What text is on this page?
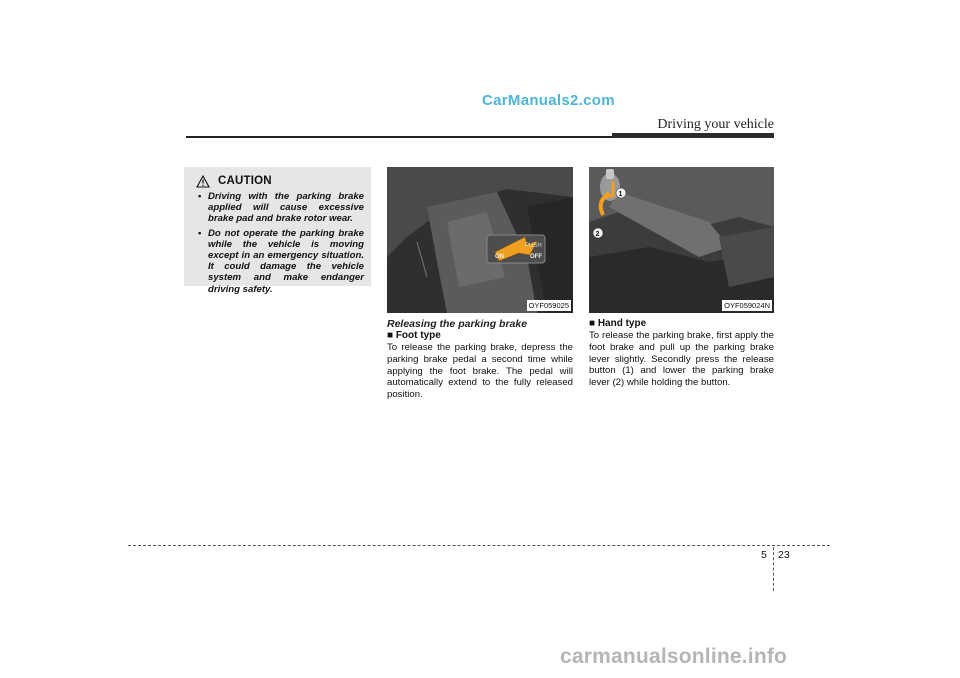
CarManuals2.com
Driving your vehicle
CAUTION
• Driving with the parking brake applied will cause excessive brake pad and brake rotor wear.
• Do not operate the parking brake while the vehicle is moving except in an emergency situation. It could damage the vehicle system and make endanger driving safety.
PUSH
ON	OFF
OYF059025
1
2
OYF059024N
Releasing the parking brake
■ Foot type
To release the parking brake, depress the parking brake pedal a second time while applying the foot brake. The pedal will automatically extend to the fully released position.
■ Hand type
To release the parking brake, first apply the foot brake and pull up the parking brake lever slightly. Secondly press the release button (1) and lower the parking brake lever (2) while holding the button.
5 23
carmanualsonline.info
